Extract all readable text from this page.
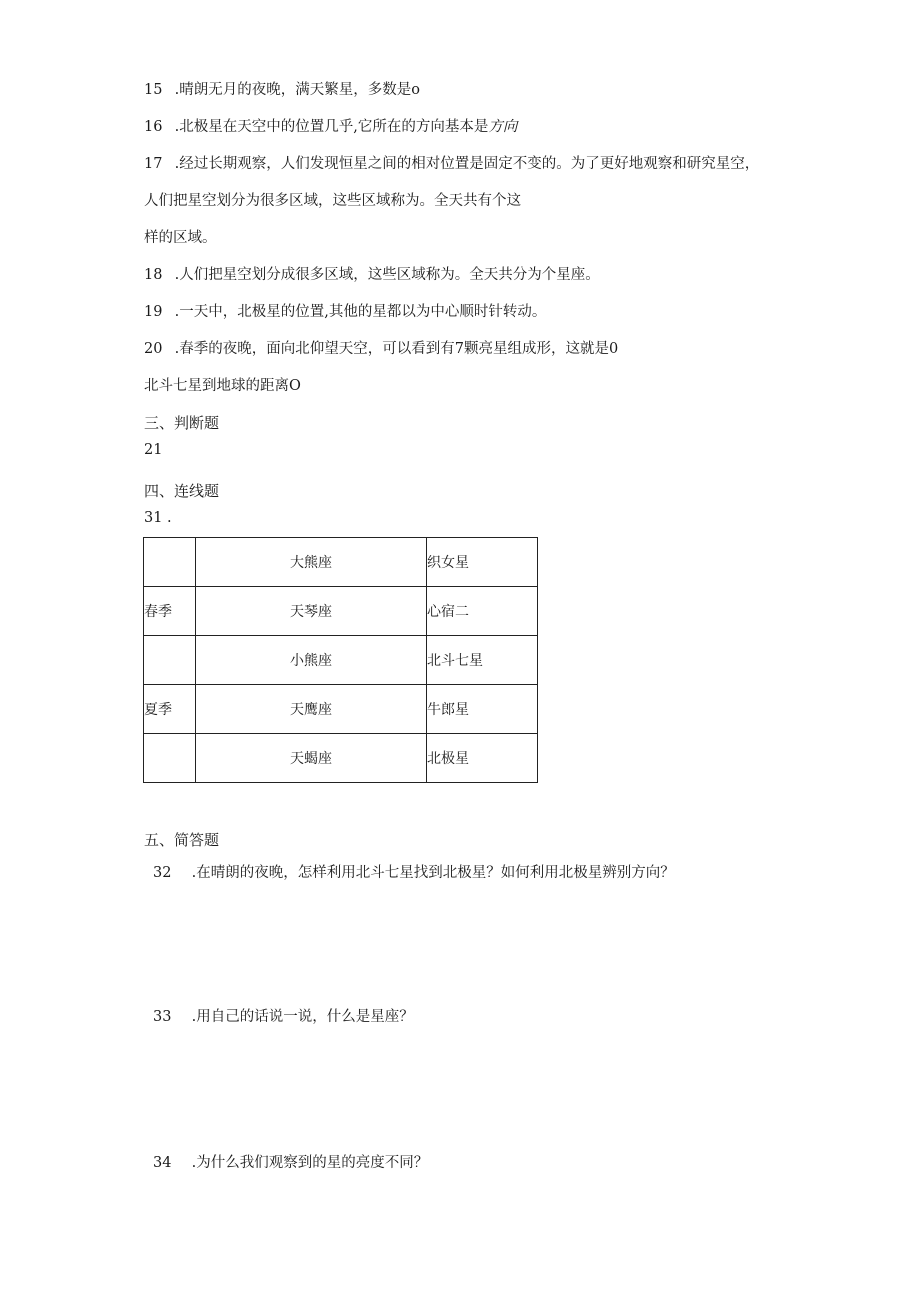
15 .晴朗无月的夜晚，满天繁星，多数是o
16 .北极星在天空中的位置几乎,它所在的方向基本是方向
17 .经过长期观察，人们发现恒星之间的相对位置是固定不变的。为了更好地观察和研究星空，
人们把星空划分为很多区域，这些区域称为。全天共有个这
样的区域。
18 .人们把星空划分成很多区域，这些区域称为。全天共分为个星座。
19 .一天中，北极星的位置,其他的星都以为中心顺时针转动。
20 .春季的夜晚，面向北仰望天空，可以看到有7颗亮星组成形，这就是0
北斗七星到地球的距离O
三、判断题
21
四、连线题
31 .
	大熊座	织女星
春季	天琴座	心宿二
	小熊座	北斗七星
夏季	天鹰座	牛郎星
	天蝎座	北极星
五、简答题
32 .在晴朗的夜晚，怎样利用北斗七星找到北极星？如何利用北极星辨别方向？
33 .用自己的话说一说，什么是星座？
34 .为什么我们观察到的星的亮度不同？
